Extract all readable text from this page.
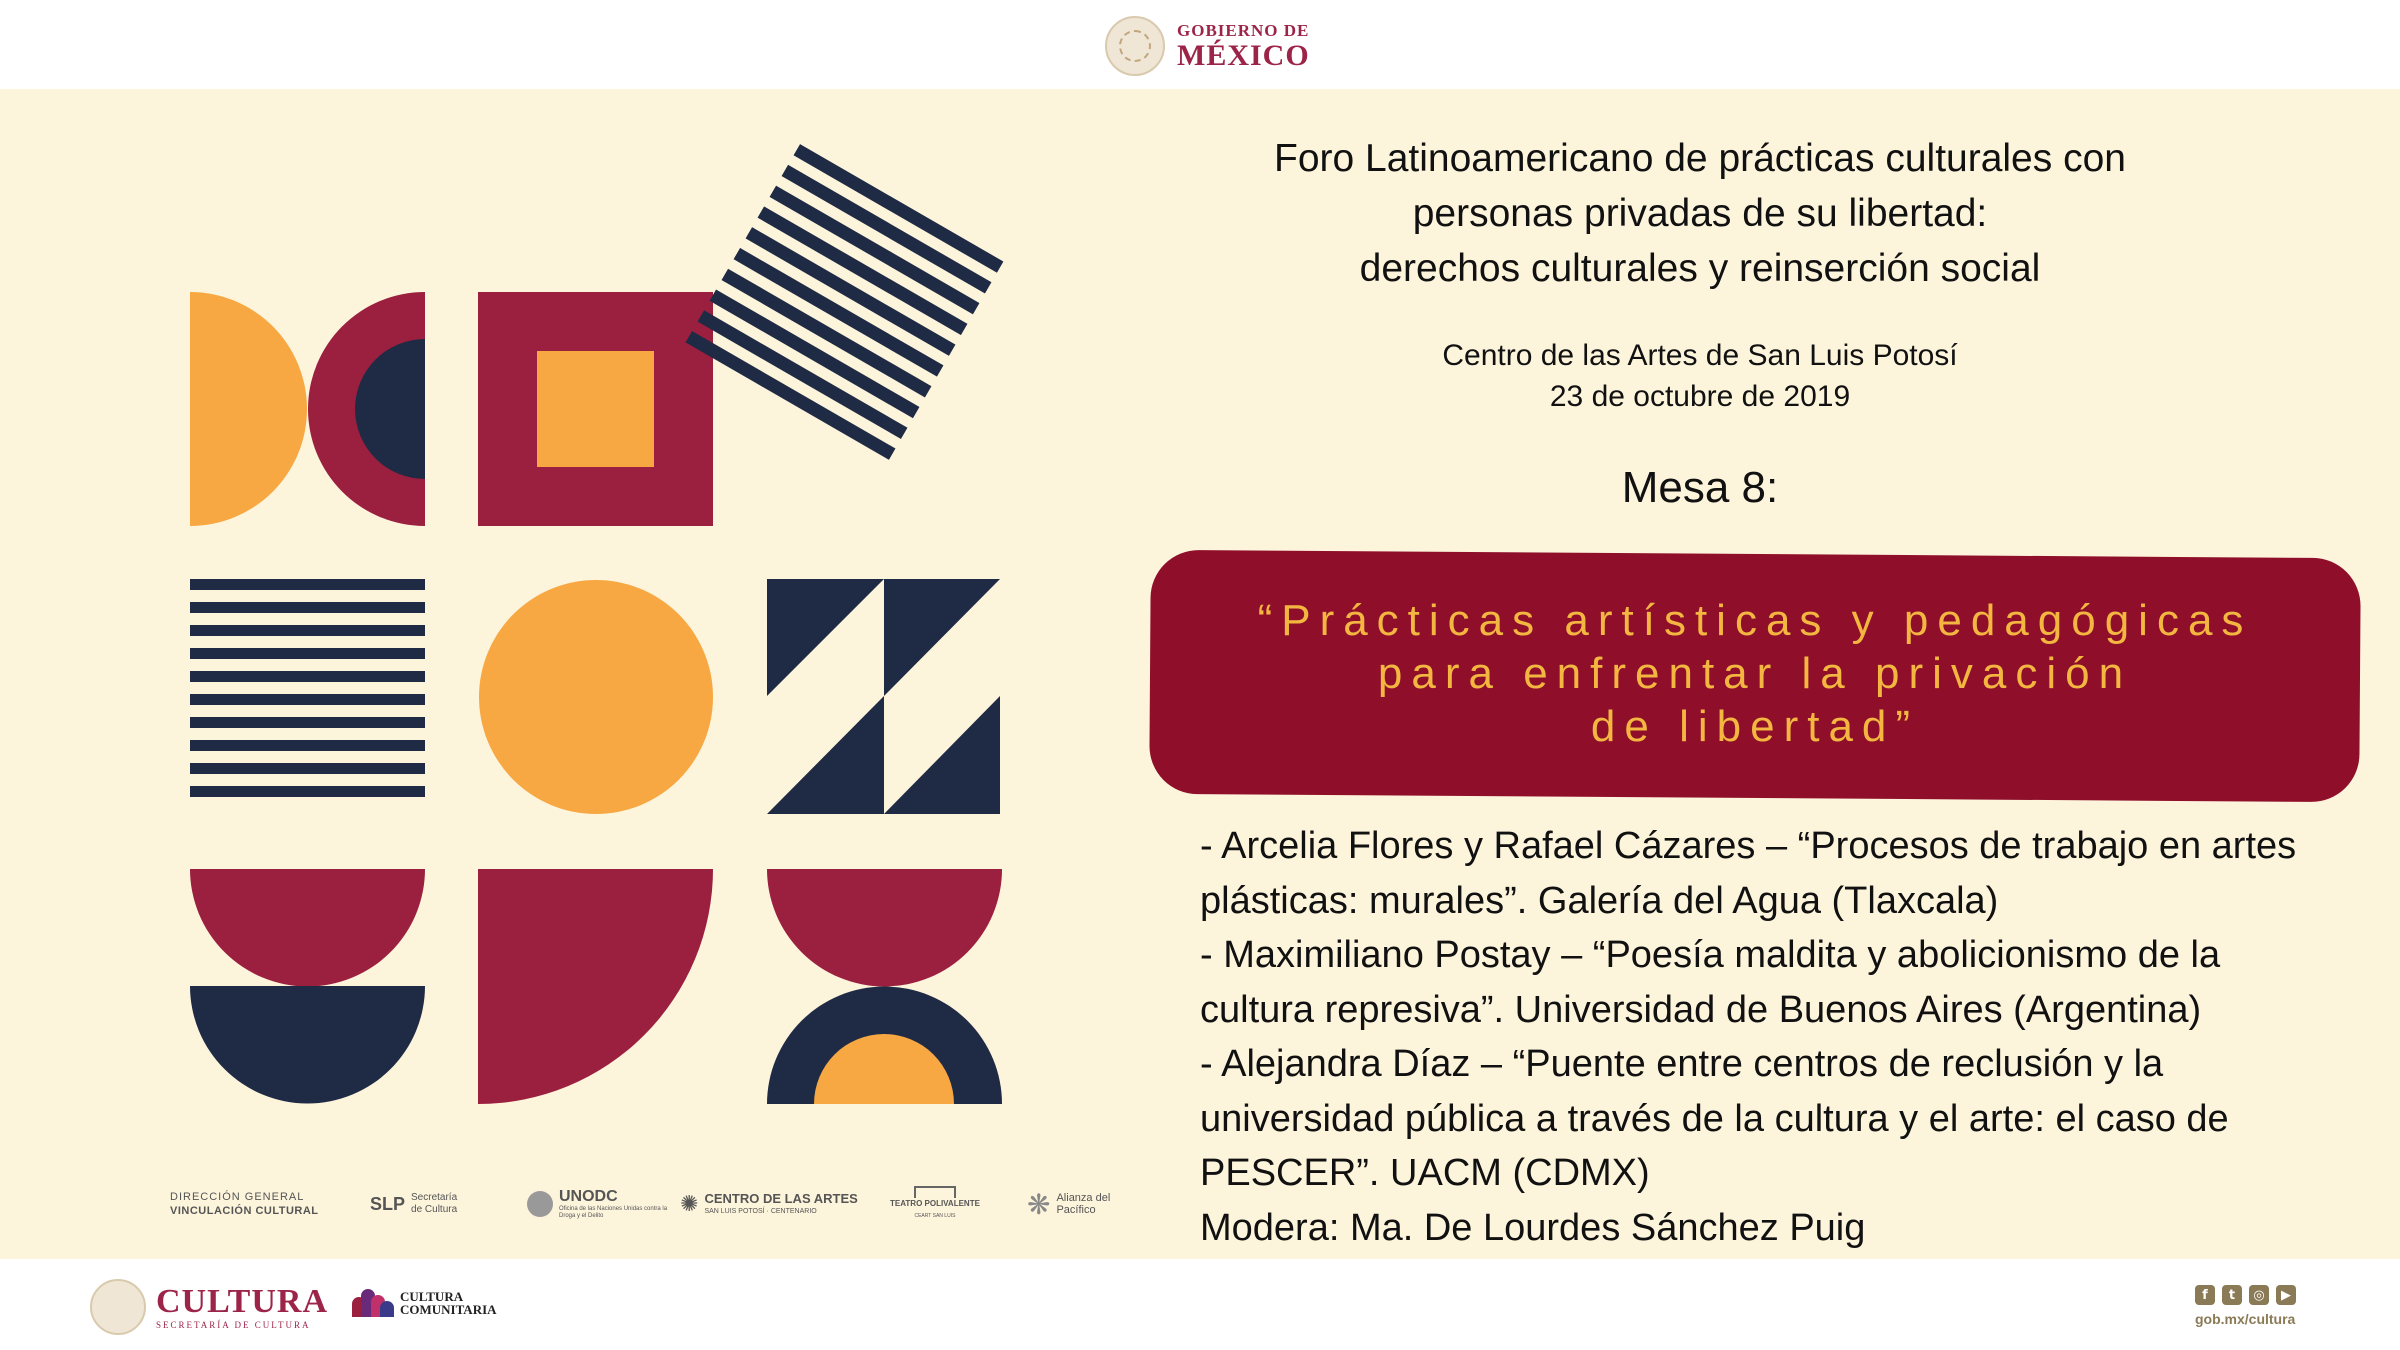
GOBIERNO DE
MÉXICO
Foro Latinoamericano de prácticas culturales con
personas privadas de su libertad:
derechos culturales y reinserción social
Centro de las Artes de San Luis Potosí
23 de octubre de 2019
Mesa 8:
“Prácticas artísticas y pedagógicas
para enfrentar la privación
de libertad”
- Arcelia Flores y Rafael Cázares – “Procesos de trabajo en artes
plásticas: murales”. Galería del Agua (Tlaxcala)
- Maximiliano Postay – “Poesía maldita y abolicionismo de la
cultura represiva”. Universidad de Buenos Aires (Argentina)
- Alejandra Díaz – “Puente entre centros de reclusión y la
universidad pública a través de la cultura y el arte: el caso de
PESCER”. UACM (CDMX)
Modera: Ma. De Lourdes Sánchez Puig
DIRECCIÓN GENERAL
VINCULACIÓN CULTURAL	SLP Secretaría de Cultura
UNODC
Oficina de las Naciones Unidas contra la Droga y el Delito	✺ CENTRO DE LAS ARTES
SAN LUIS POTOSÍ · CENTENARIO
TEATRO POLIVALENTE
CEART SAN LUIS	❋ Alianza del
Pacífico
CULTURA
SECRETARÍA DE CULTURA
CULTURA
COMUNITARIA
f	t	◎	▶
gob.mx/cultura
